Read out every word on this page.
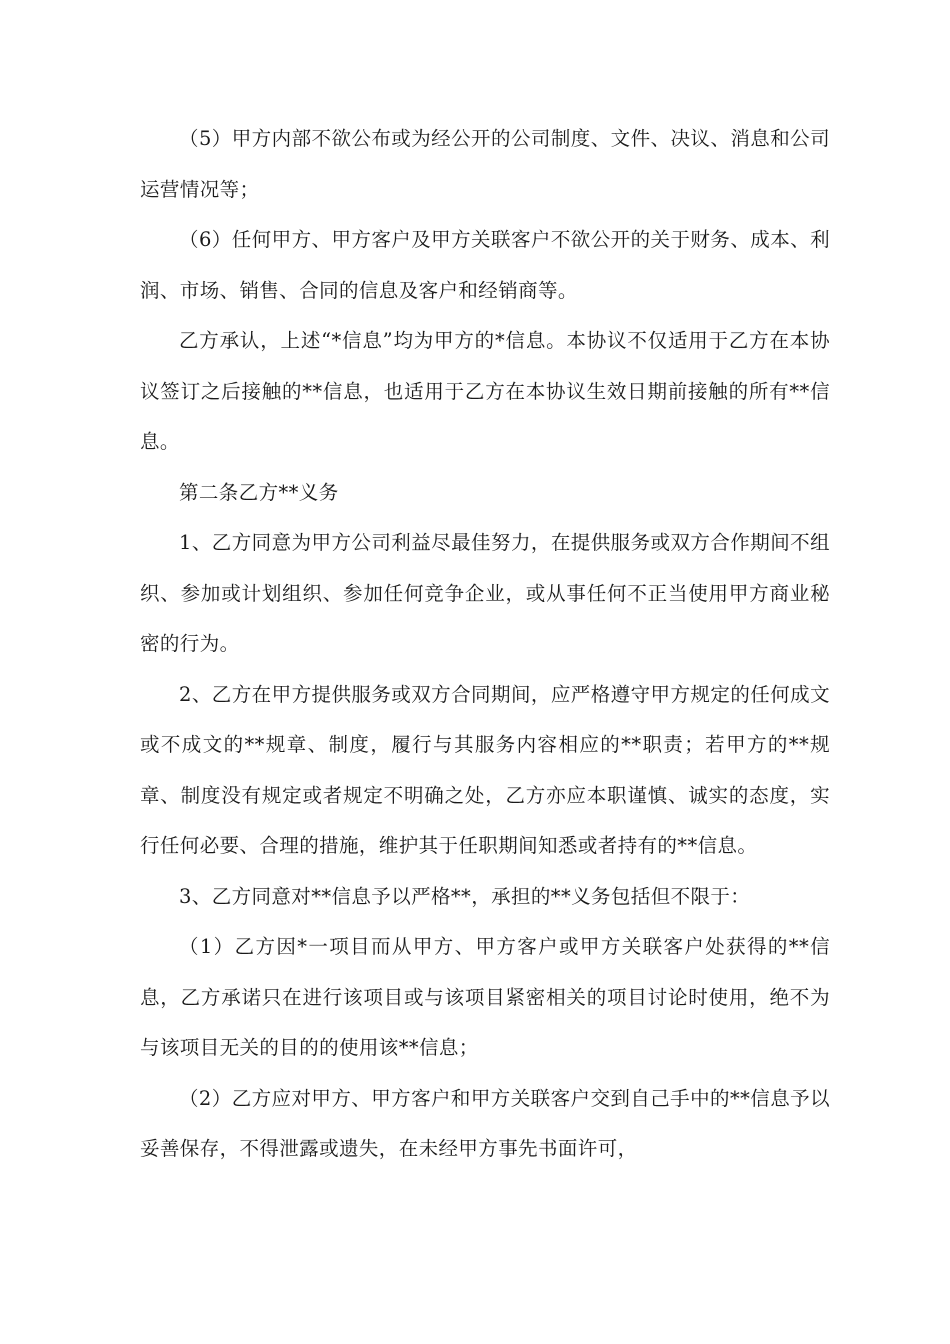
（5）甲方内部不欲公布或为经公开的公司制度、文件、决议、消息和公司运营情况等；

（6）任何甲方、甲方客户及甲方关联客户不欲公开的关于财务、成本、利润、市场、销售、合同的信息及客户和经销商等。

乙方承认，上述“*信息”均为甲方的*信息。本协议不仅适用于乙方在本协议签订之后接触的**信息，也适用于乙方在本协议生效日期前接触的所有**信息。

第二条乙方**义务

1、乙方同意为甲方公司利益尽最佳努力，在提供服务或双方合作期间不组织、参加或计划组织、参加任何竞争企业，或从事任何不正当使用甲方商业秘密的行为。

2、乙方在甲方提供服务或双方合同期间，应严格遵守甲方规定的任何成文或不成文的**规章、制度，履行与其服务内容相应的**职责；若甲方的**规章、制度没有规定或者规定不明确之处，乙方亦应本职谨慎、诚实的态度，实行任何必要、合理的措施，维护其于任职期间知悉或者持有的**信息。

3、乙方同意对**信息予以严格**，承担的**义务包括但不限于：

（1）乙方因*一项目而从甲方、甲方客户或甲方关联客户处获得的**信息，乙方承诺只在进行该项目或与该项目紧密相关的项目讨论时使用，绝不为与该项目无关的目的的使用该**信息；

（2）乙方应对甲方、甲方客户和甲方关联客户交到自己手中的**信息予以妥善保存，不得泄露或遗失，在未经甲方事先书面许可，
